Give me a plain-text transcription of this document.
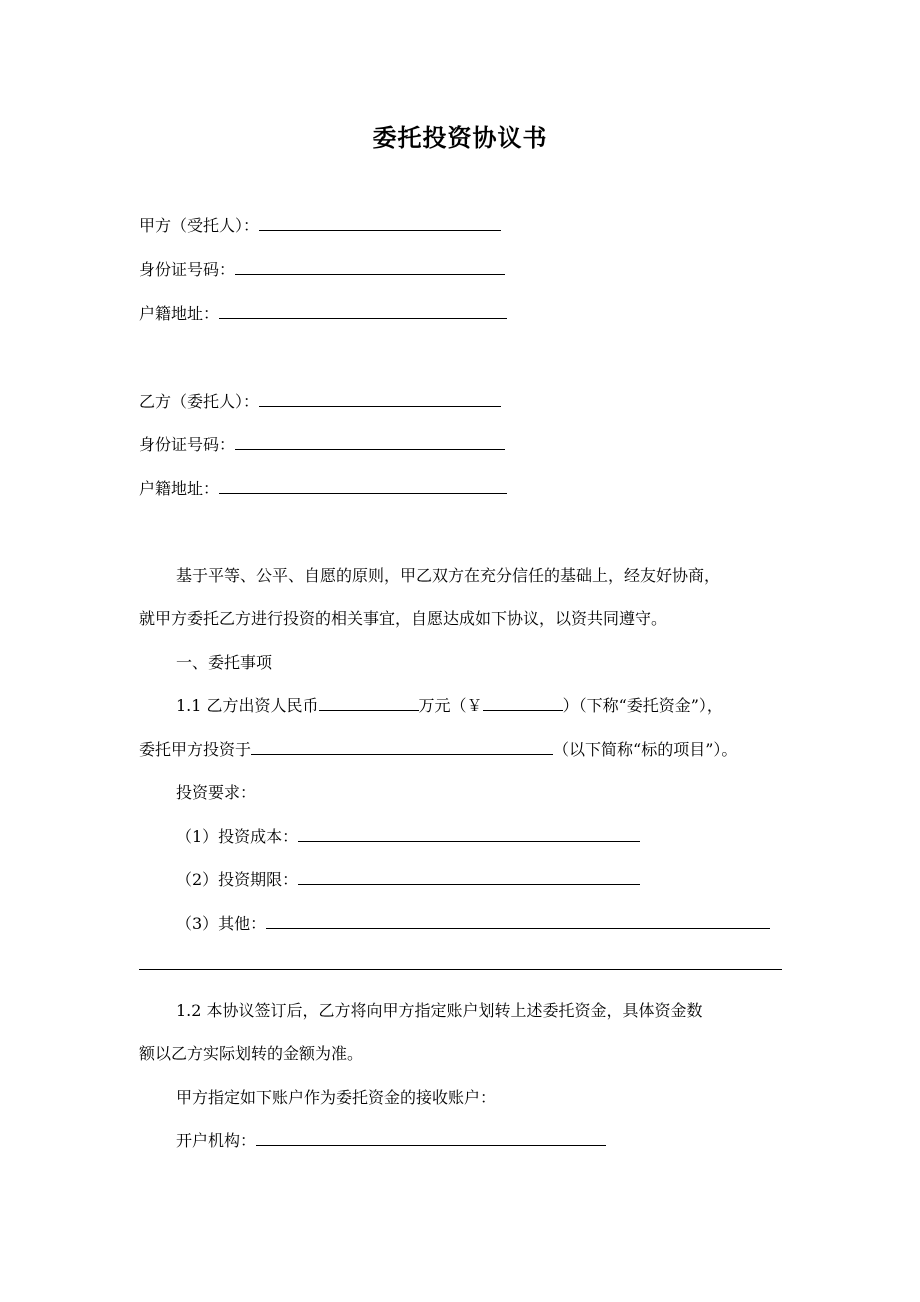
委托投资协议书
甲方（受托人）：
身份证号码：
户籍地址：
乙方（委托人）：
身份证号码：
户籍地址：
基于平等、公平、自愿的原则，甲乙双方在充分信任的基础上，经友好协商，
就甲方委托乙方进行投资的相关事宜，自愿达成如下协议，以资共同遵守。
一、委托事项
1.1 乙方出资人民币	万元（￥	）（下称“委托资金”），
委托甲方投资于	（以下简称“标的项目”）。
投资要求：
（1）投资成本：
（2）投资期限：
（3）其他：
1.2 本协议签订后，乙方将向甲方指定账户划转上述委托资金，具体资金数
额以乙方实际划转的金额为准。
甲方指定如下账户作为委托资金的接收账户：
开户机构：
